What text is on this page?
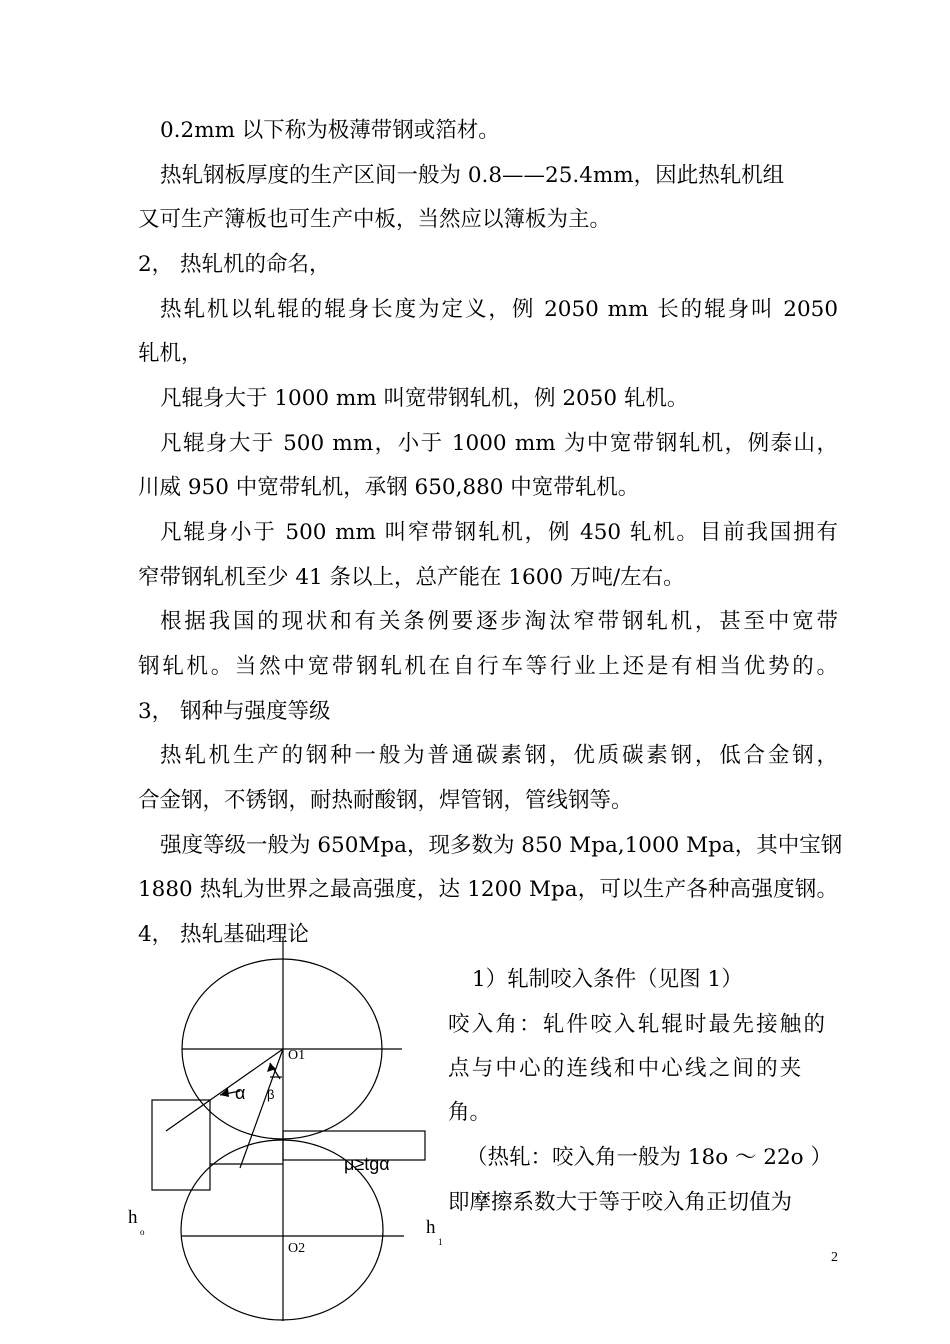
0.2mm 以下称为极薄带钢或箔材。
热轧钢板厚度的生产区间一般为 0.8——25.4mm，因此热轧机组
又可生产簿板也可生产中板，当然应以簿板为主。
2， 热轧机的命名，
热轧机以轧辊的辊身长度为定义，例 2050 mm 长的辊身叫 2050
轧机，
凡辊身大于 1000 mm 叫宽带钢轧机，例 2050 轧机。
凡辊身大于 500 mm，小于 1000 mm 为中宽带钢轧机，例泰山，
川威 950 中宽带轧机，承钢 650,880 中宽带轧机。
凡辊身小于 500 mm 叫窄带钢轧机，例 450 轧机。目前我国拥有
窄带钢轧机至少 41 条以上，总产能在 1600 万吨/左右。
根据我国的现状和有关条例要逐步淘汰窄带钢轧机，甚至中宽带
钢轧机。当然中宽带钢轧机在自行车等行业上还是有相当优势的。
3， 钢种与强度等级
热轧机生产的钢种一般为普通碳素钢，优质碳素钢，低合金钢，
合金钢，不锈钢，耐热耐酸钢，焊管钢，管线钢等。
强度等级一般为 650Mpa，现多数为 850 Mpa,1000 Mpa，其中宝钢
1880 热轧为世界之最高强度，达 1200 Mpa，可以生产各种高强度钢。
4， 热轧基础理论
1）轧制咬入条件（见图 1）
咬入角：轧件咬入轧辊时最先接触的
点与中心的连线和中心线之间的夹
角。
（热轧：咬入角一般为 18o ～ 22o ）
即摩擦系数大于等于咬入角正切值为
O1
O2
α β
μ≥tgα
h
o	h
1
2
